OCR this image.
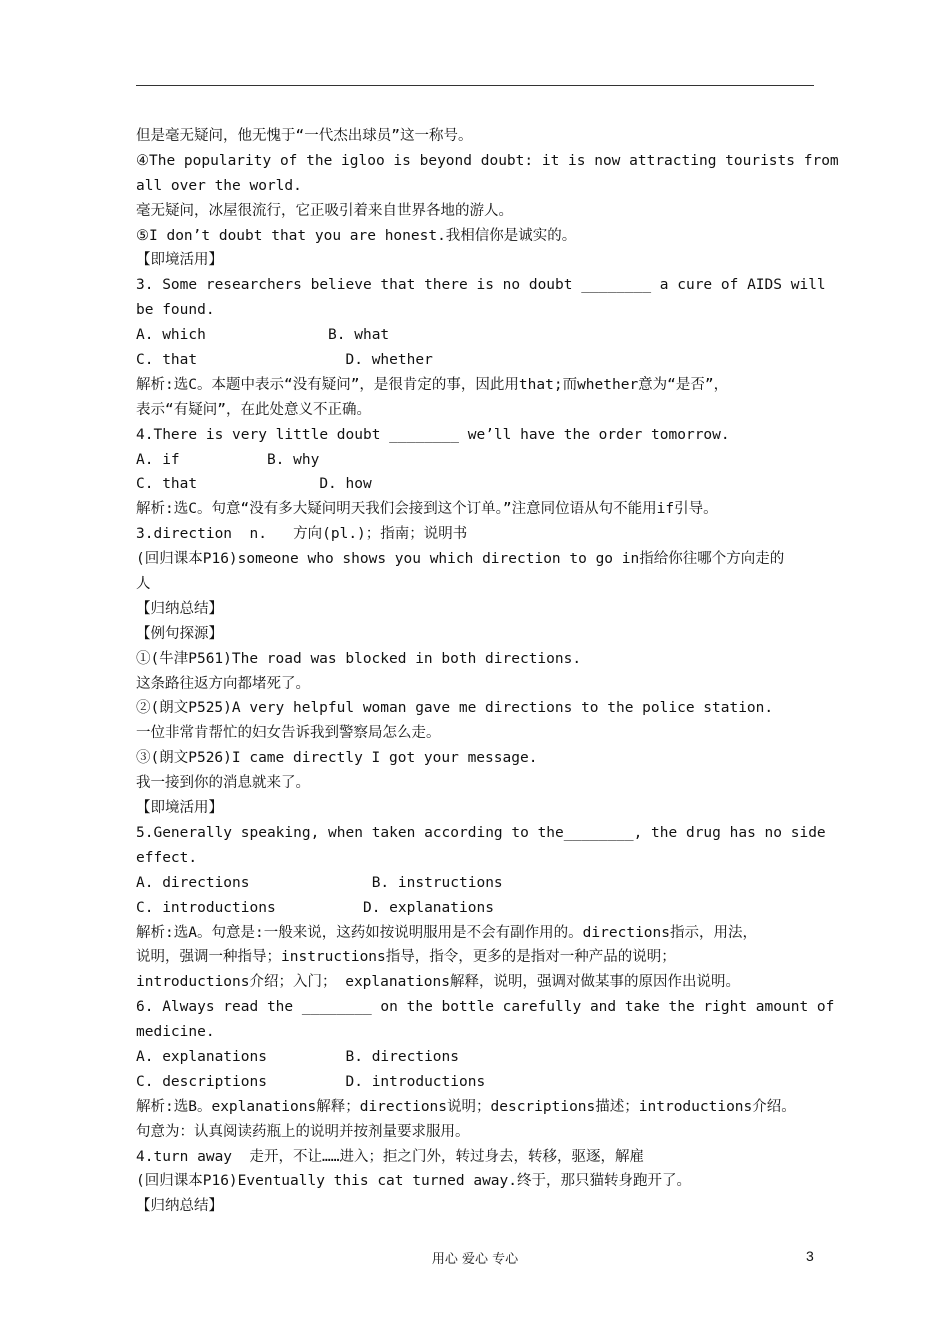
但是毫无疑问，他无愧于“一代杰出球员”这一称号。
④The popularity of the igloo is beyond doubt: it is now attracting tourists from
all over the world.
毫无疑问，冰屋很流行，它正吸引着来自世界各地的游人。
⑤I don’t doubt that you are honest.我相信你是诚实的。
【即境活用】
3. Some researchers believe that there is no doubt ________ a cure of AIDS will
be found.
A. which              B. what
C. that                 D. whether
解析:选C。本题中表示“没有疑问”，是很肯定的事，因此用that;而whether意为“是否”，
表示“有疑问”，在此处意义不正确。
4.There is very little doubt ________ we’ll have the order tomorrow.
A. if          B. why
C. that              D. how
解析:选C。句意“没有多大疑问明天我们会接到这个订单。”注意同位语从句不能用if引导。
3.direction  n.   方向(pl.)；指南；说明书
(回归课本P16)someone who shows you which direction to go in指给你往哪个方向走的
人
【归纳总结】
【例句探源】
①(牛津P561)The road was blocked in both directions.
这条路往返方向都堵死了。
②(朗文P525)A very helpful woman gave me directions to the police station.
一位非常肯帮忙的妇女告诉我到警察局怎么走。
③(朗文P526)I came directly I got your message.
我一接到你的消息就来了。
【即境活用】
5.Generally speaking, when taken according to the________, the drug has no side
effect.
A. directions              B. instructions
C. introductions          D. explanations
解析:选A。句意是:一般来说，这药如按说明服用是不会有副作用的。directions指示，用法，
说明，强调一种指导；instructions指导，指令，更多的是指对一种产品的说明；
introductions介绍；入门； explanations解释，说明，强调对做某事的原因作出说明。
6. Always read the ________ on the bottle carefully and take the right amount of
medicine.
A. explanations         B. directions
C. descriptions         D. introductions
解析:选B。explanations解释；directions说明；descriptions描述；introductions介绍。
句意为：认真阅读药瓶上的说明并按剂量要求服用。
4.turn away  走开，不让……进入；拒之门外，转过身去，转移，驱逐，解雇
(回归课本P16)Eventually this cat turned away.终于，那只猫转身跑开了。
【归纳总结】
用心 爱心 专心	3
